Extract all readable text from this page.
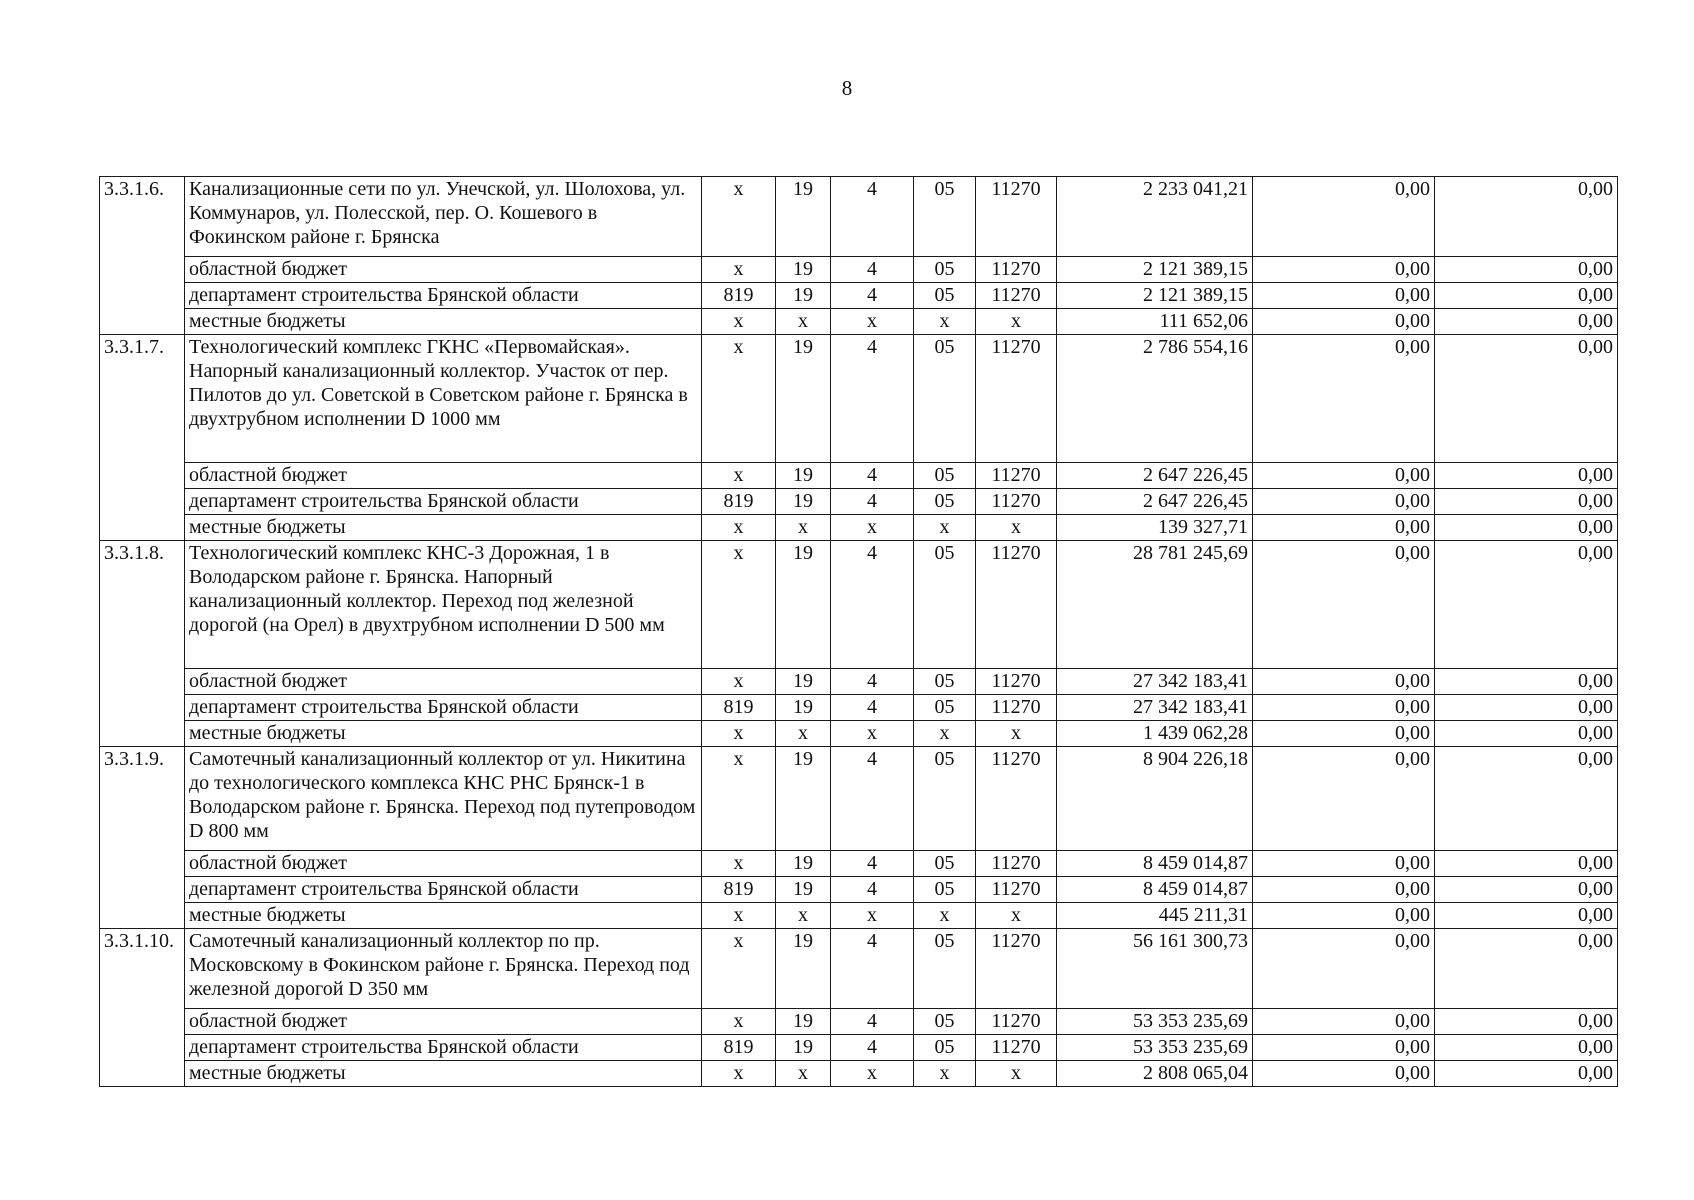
8
3.3.1.6.	Канализационные сети по ул. Унечской, ул. Шолохова, ул. Коммунаров, ул. Полесской, пер. О. Кошевого в Фокинском районе г. Брянска	x	19	4	05	11270	2 233 041,21	0,00	0,00
	областной бюджет	x	19	4	05	11270	2 121 389,15	0,00	0,00
	департамент строительства Брянской области	819	19	4	05	11270	2 121 389,15	0,00	0,00
	местные бюджеты	x	x	x	x	x	111 652,06	0,00	0,00
3.3.1.7.	Технологический комплекс ГКНС «Первомайская». Напорный канализационный коллектор. Участок от пер. Пилотов до ул. Советской в Советском районе г. Брянска в двухтрубном исполнении D 1000 мм	x	19	4	05	11270	2 786 554,16	0,00	0,00
	областной бюджет	x	19	4	05	11270	2 647 226,45	0,00	0,00
	департамент строительства Брянской области	819	19	4	05	11270	2 647 226,45	0,00	0,00
	местные бюджеты	x	x	x	x	x	139 327,71	0,00	0,00
3.3.1.8.	Технологический комплекс КНС-3 Дорожная, 1 в Володарском районе г. Брянска. Напорный канализационный коллектор. Переход под железной дорогой (на Орел) в двухтрубном исполнении D 500 мм	x	19	4	05	11270	28 781 245,69	0,00	0,00
	областной бюджет	x	19	4	05	11270	27 342 183,41	0,00	0,00
	департамент строительства Брянской области	819	19	4	05	11270	27 342 183,41	0,00	0,00
	местные бюджеты	x	x	x	x	x	1 439 062,28	0,00	0,00
3.3.1.9.	Самотечный канализационный коллектор от ул. Никитина до технологического комплекса КНС РНС Брянск-1 в Володарском районе г. Брянска. Переход под путепроводом D 800 мм	x	19	4	05	11270	8 904 226,18	0,00	0,00
	областной бюджет	x	19	4	05	11270	8 459 014,87	0,00	0,00
	департамент строительства Брянской области	819	19	4	05	11270	8 459 014,87	0,00	0,00
	местные бюджеты	x	x	x	x	x	445 211,31	0,00	0,00
3.3.1.10.	Самотечный канализационный коллектор по пр. Московскому в Фокинском районе г. Брянска. Переход под железной дорогой D 350 мм	x	19	4	05	11270	56 161 300,73	0,00	0,00
	областной бюджет	x	19	4	05	11270	53 353 235,69	0,00	0,00
	департамент строительства Брянской области	819	19	4	05	11270	53 353 235,69	0,00	0,00
	местные бюджеты	x	x	x	x	x	2 808 065,04	0,00	0,00
